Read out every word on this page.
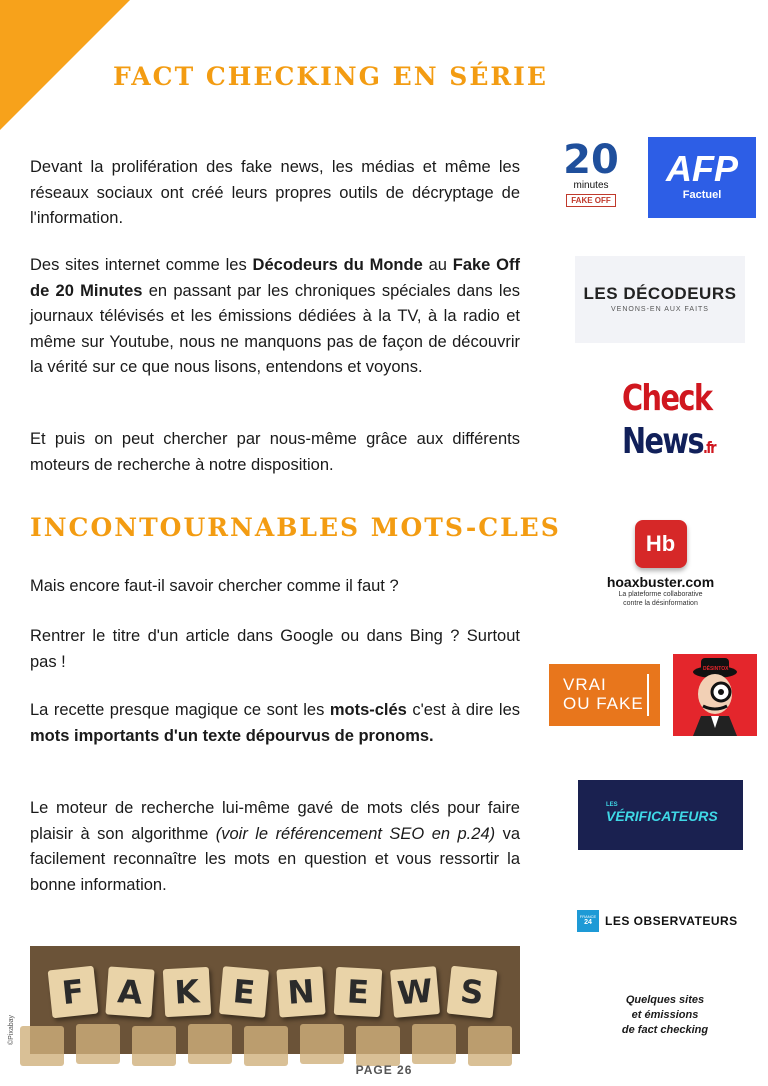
FACT CHECKING EN SÉRIE

Devant la prolifération des fake news, les médias et même les réseaux sociaux ont créé leurs propres outils de décryptage de l'information.

Des sites internet comme les Décodeurs du Monde au Fake Off de 20 Minutes en passant par les chroniques spéciales dans les journaux télévisés et les émissions dédiées à la TV, à la radio et même sur Youtube, nous ne manquons pas de façon de découvrir la vérité sur ce que nous lisons, entendons et voyons.

Et puis on peut chercher par nous-même grâce aux différents moteurs de recherche à notre disposition.

INCONTOURNABLES MOTS-CLES

Mais encore faut-il savoir chercher comme il faut ?

Rentrer le titre d'un article dans Google ou dans Bing ? Surtout pas !

La recette presque magique ce sont les mots-clés c'est à dire les mots importants d'un texte dépourvus de pronoms.

Le moteur de recherche lui-même gavé de mots clés pour faire plaisir à son algorithme (voir le référencement SEO en p.24) va facilement reconnaître les mots en question et vous ressortir la bonne information.

20
minutes
FAKE OFF
AFP
Factuel
LES DÉCODEURS
VENONS-EN AUX FAITS
Check
News.fr
Hb
hoaxbuster.com
La plateforme collaborative
contre la désinformation
VRAI
OU FAKE
DÉSINTOX
LES
VÉRIFICATEURS
FRANCE
24	LES OBSERVATEURS
F A K E N E W S
©Pixabay
Quelques sites
et émissions
de fact checking
PAGE 26
